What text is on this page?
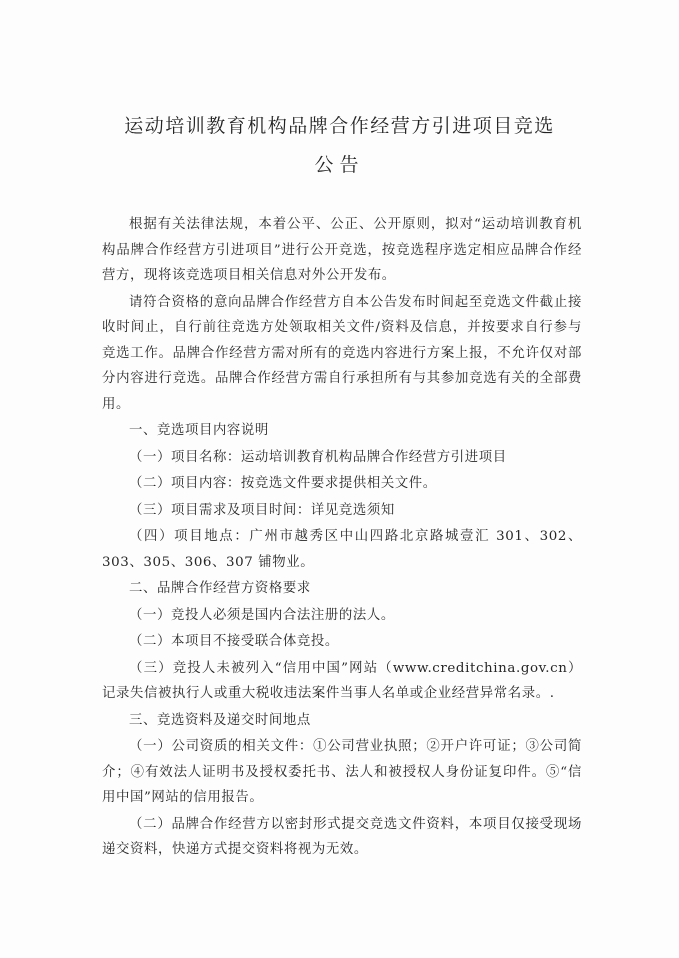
运动培训教育机构品牌合作经营方引进项目竞选
公告

根据有关法律法规，本着公平、公正、公开原则，拟对“运动培训教育机构品牌合作经营方引进项目”进行公开竞选，按竞选程序选定相应品牌合作经营方，现将该竞选项目相关信息对外公开发布。

请符合资格的意向品牌合作经营方自本公告发布时间起至竞选文件截止接收时间止，自行前往竞选方处领取相关文件/资料及信息，并按要求自行参与竞选工作。品牌合作经营方需对所有的竞选内容进行方案上报，不允许仅对部分内容进行竞选。品牌合作经营方需自行承担所有与其参加竞选有关的全部费用。

一、竞选项目内容说明

（一）项目名称：运动培训教育机构品牌合作经营方引进项目

（二）项目内容：按竞选文件要求提供相关文件。

（三）项目需求及项目时间：详见竞选须知

（四）项目地点：广州市越秀区中山四路北京路城壹汇 301、302、303、305、306、307 铺物业。

二、品牌合作经营方资格要求

（一）竞投人必须是国内合法注册的法人。

（二）本项目不接受联合体竞投。

（三）竞投人未被列入“信用中国”网站（www.creditchina.gov.cn）记录失信被执行人或重大税收违法案件当事人名单或企业经营异常名录。.

三、竞选资料及递交时间地点

（一）公司资质的相关文件：①公司营业执照；②开户许可证；③公司简介；④有效法人证明书及授权委托书、法人和被授权人身份证复印件。⑤“信用中国”网站的信用报告。

（二）品牌合作经营方以密封形式提交竞选文件资料，本项目仅接受现场递交资料，快递方式提交资料将视为无效。
